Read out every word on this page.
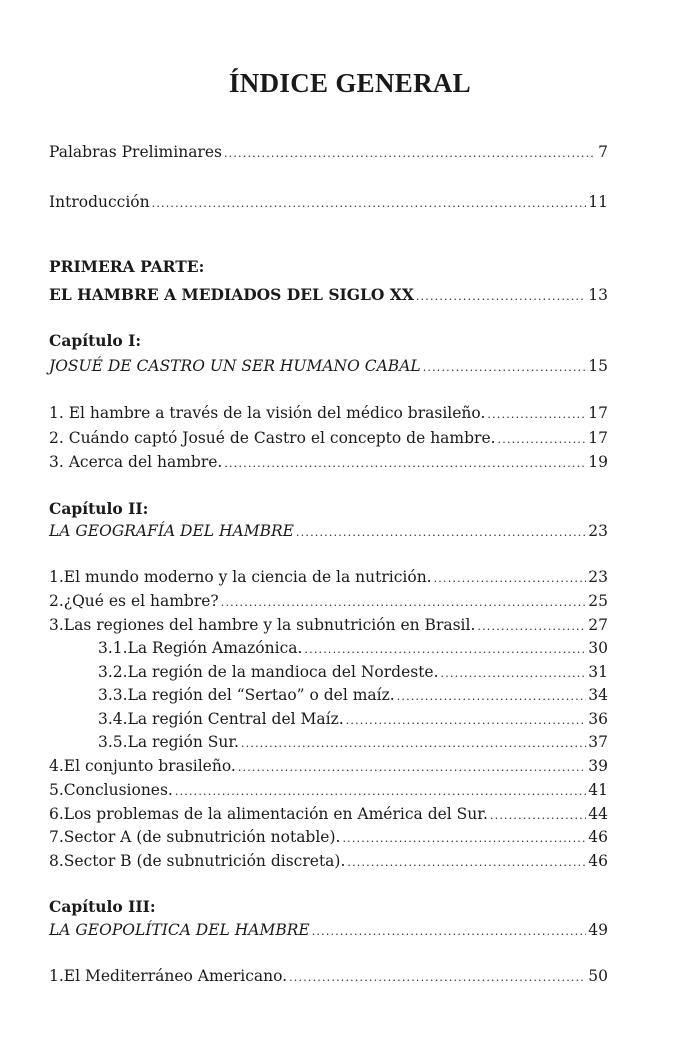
ÍNDICE GENERAL
Palabras Preliminares .....	7
Introducción .....	11
PRIMERA PARTE:
EL HAMBRE A MEDIADOS DEL SIGLO XX .....	13
Capítulo I:
JOSUÉ DE CASTRO UN SER HUMANO CABAL .....	15
1. El hambre a través de la visión del médico brasileño. .....	17
2. Cuándo captó Josué de Castro el concepto de hambre. .....	17
3. Acerca del hambre. .....	19
Capítulo II:
LA GEOGRAFÍA DEL HAMBRE .....	23
1.El mundo moderno y la ciencia de la nutrición. .....	23
2.¿Qué es el hambre? .....	25
3.Las regiones del hambre y la subnutrición en Brasil. .....	27
3.1.La Región Amazónica. .....	30
3.2.La región de la mandioca del Nordeste. .....	31
3.3.La región del “Sertao” o del maíz. .....	34
3.4.La región Central del Maíz. .....	36
3.5.La región Sur. .....	37
4.El conjunto brasileño. .....	39
5.Conclusiones. .....	41
6.Los problemas de la alimentación en América del Sur. .....	44
7.Sector A (de subnutrición notable). .....	46
8.Sector B (de subnutrición discreta). .....	46
Capítulo III:
LA GEOPOLÍTICA DEL HAMBRE .....	49
1.El Mediterráneo Americano. .....	50
